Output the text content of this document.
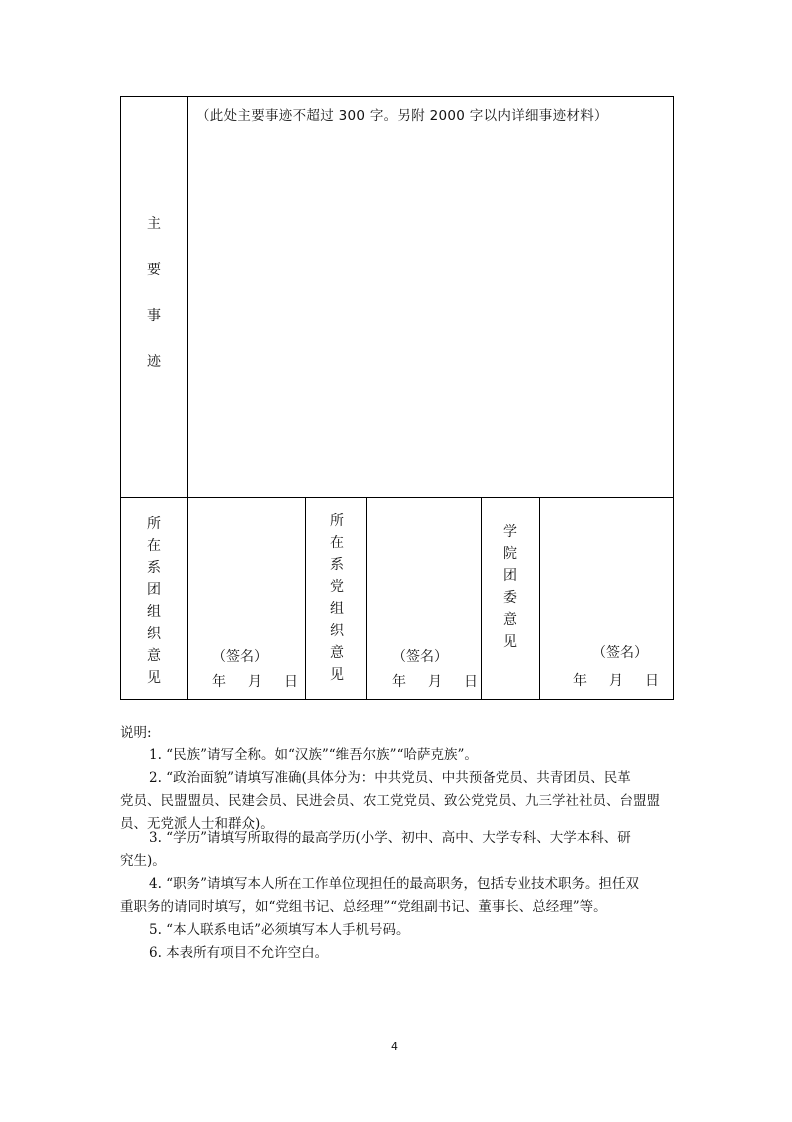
主
要
事
迹
（此处主要事迹不超过 300 字。另附 2000 字以内详细事迹材料）
所
在
系
团
组
织
意
见
（签名）
年 月 日
所
在
系
党
组
织
意
见
（签名）
年 月 日
学
院
团
委
意
见
（签名）
年 月 日
说明:
1. “民族”请写全称。如“汉族”“维吾尔族”“哈萨克族”。
2. “政治面貌”请填写准确(具体分为：中共党员、中共预备党员、共青团员、民革
党员、民盟盟员、民建会员、民进会员、农工党党员、致公党党员、九三学社社员、台盟盟
员、无党派人士和群众)。
3. “学历”请填写所取得的最高学历(小学、初中、高中、大学专科、大学本科、研
究生)。
4. “职务”请填写本人所在工作单位现担任的最高职务，包括专业技术职务。担任双
重职务的请同时填写，如“党组书记、总经理”“党组副书记、董事长、总经理”等。
5. “本人联系电话”必须填写本人手机号码。
6. 本表所有项目不允许空白。
4
